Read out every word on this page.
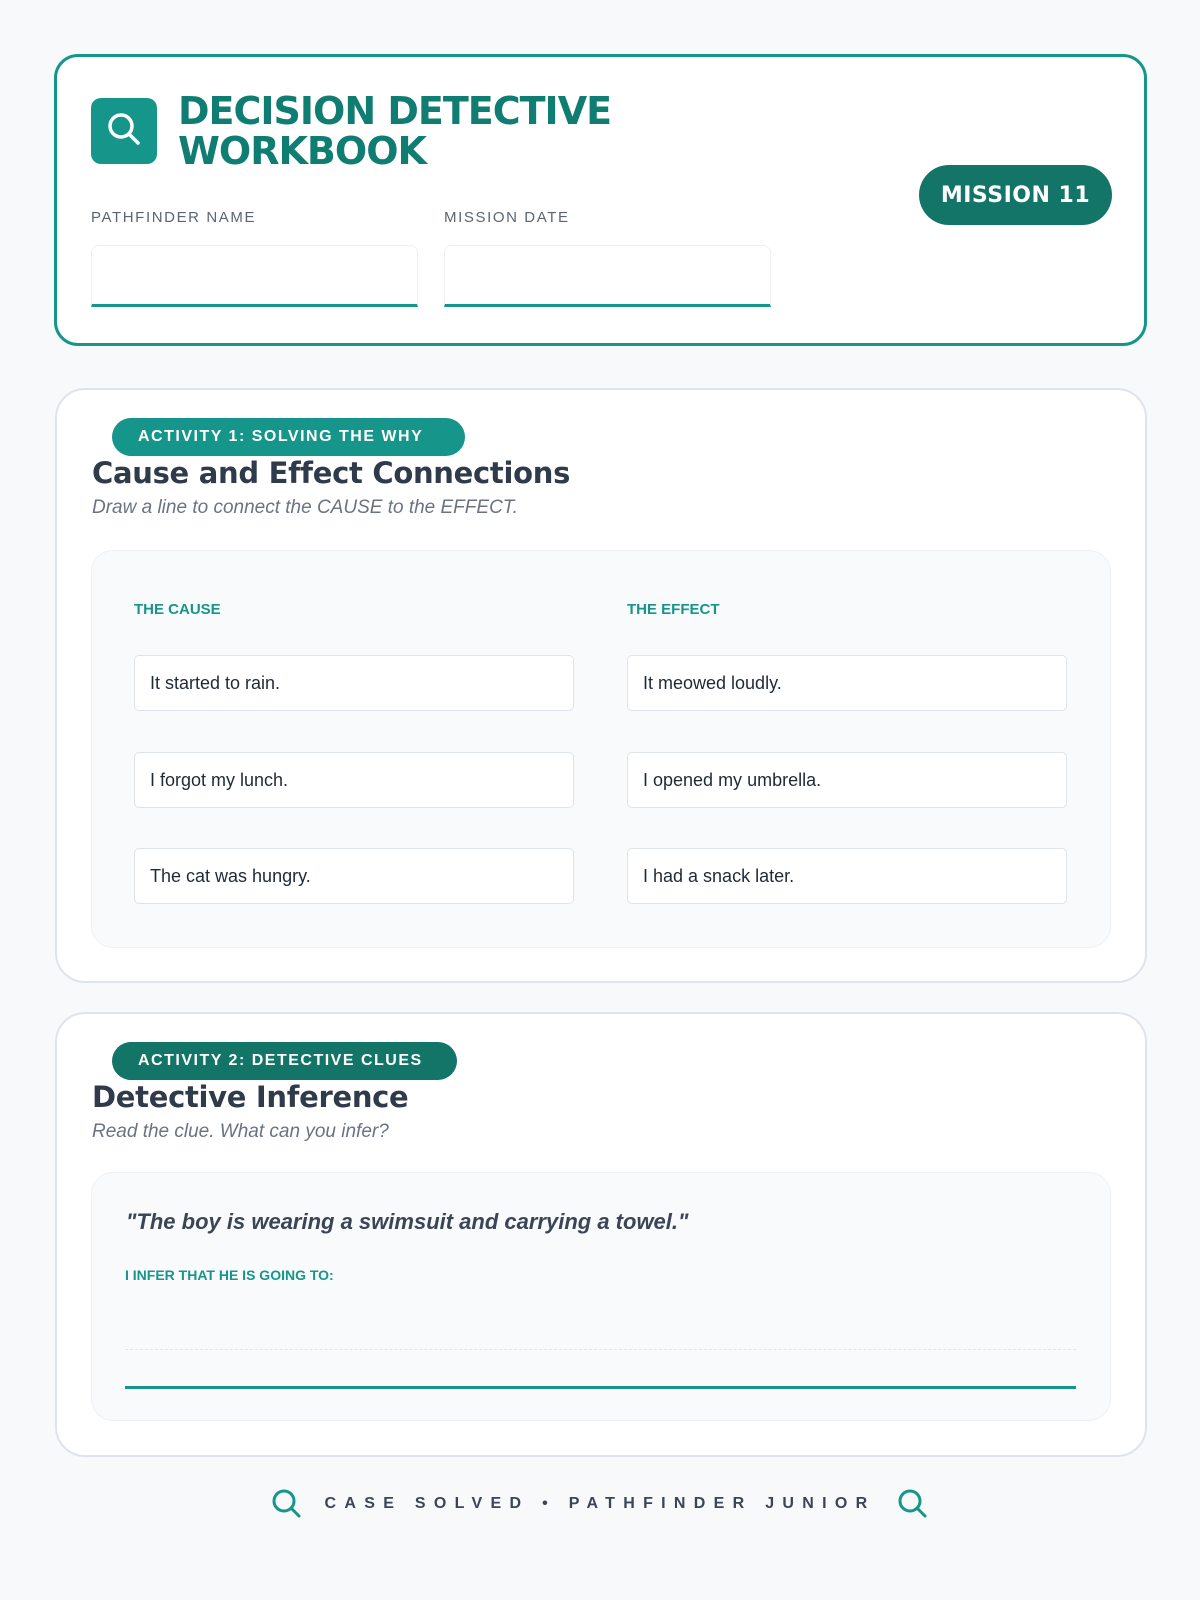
DECISION DETECTIVE
WORKBOOK
MISSION 11
PATHFINDER NAME	MISSION DATE
ACTIVITY 1: SOLVING THE WHY
Cause and Effect Connections
Draw a line to connect the CAUSE to the EFFECT.
THE CAUSE	THE EFFECT
It started to rain.
I forgot my lunch.
The cat was hungry.
It meowed loudly.
I opened my umbrella.
I had a snack later.
ACTIVITY 2: DETECTIVE CLUES
Detective Inference
Read the clue. What can you infer?
"The boy is wearing a swimsuit and carrying a towel."
I INFER THAT HE IS GOING TO:
CASE SOLVED • PATHFINDER JUNIOR
